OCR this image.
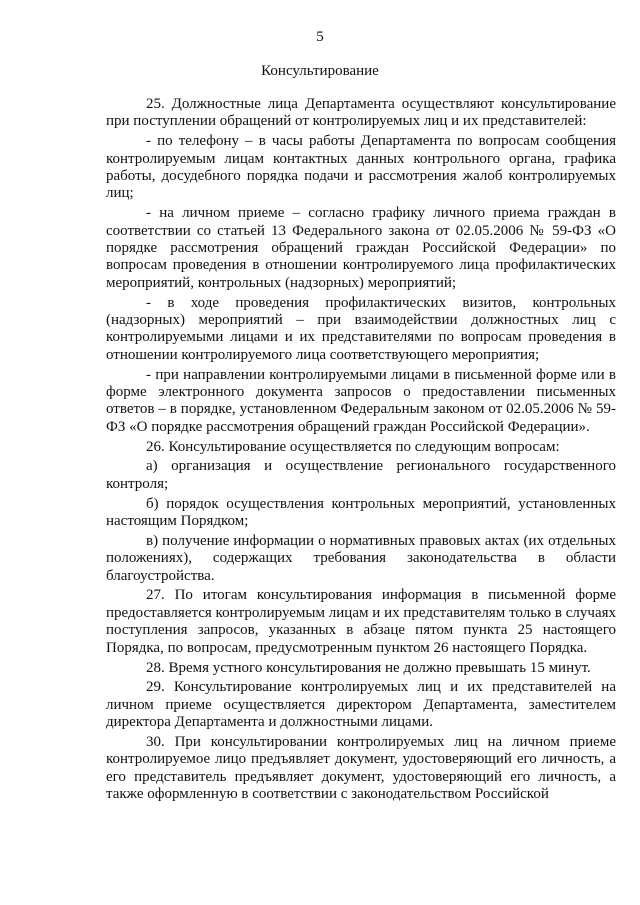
5
Консультирование

25. Должностные лица Департамента осуществляют консультирование при поступлении обращений от контролируемых лиц и их представителей:

- по телефону – в часы работы Департамента по вопросам сообщения контролируемым лицам контактных данных контрольного органа, графика работы, досудебного порядка подачи и рассмотрения жалоб контролируемых лиц;

- на личном приеме – согласно графику личного приема граждан в соответствии со статьей 13 Федерального закона от 02.05.2006 № 59-ФЗ «О порядке рассмотрения обращений граждан Российской Федерации» по вопросам проведения в отношении контролируемого лица профилактических мероприятий, контрольных (надзорных) мероприятий;

- в ходе проведения профилактических визитов, контрольных (надзорных) мероприятий – при взаимодействии должностных лиц с контролируемыми лицами и их представителями по вопросам проведения в отношении контролируемого лица соответствующего мероприятия;

- при направлении контролируемыми лицами в письменной форме или в форме электронного документа запросов о предоставлении письменных ответов – в порядке, установленном Федеральным законом от 02.05.2006 № 59-ФЗ «О порядке рассмотрения обращений граждан Российской Федерации».

26. Консультирование осуществляется по следующим вопросам:

а) организация и осуществление регионального государственного контроля;

б) порядок осуществления контрольных мероприятий, установленных настоящим Порядком;

в) получение информации о нормативных правовых актах (их отдельных положениях), содержащих требования законодательства в области благоустройства.

27. По итогам консультирования информация в письменной форме предоставляется контролируемым лицам и их представителям только в случаях поступления запросов, указанных в абзаце пятом пункта 25 настоящего Порядка, по вопросам, предусмотренным пунктом 26 настоящего Порядка.

28. Время устного консультирования не должно превышать 15 минут.

29. Консультирование контролируемых лиц и их представителей на личном приеме осуществляется директором Департамента, заместителем директора Департамента и должностными лицами.

30. При консультировании контролируемых лиц на личном приеме контролируемое лицо предъявляет документ, удостоверяющий его личность, а его представитель предъявляет документ, удостоверяющий его личность, а также оформленную в соответствии с законодательством Российской
